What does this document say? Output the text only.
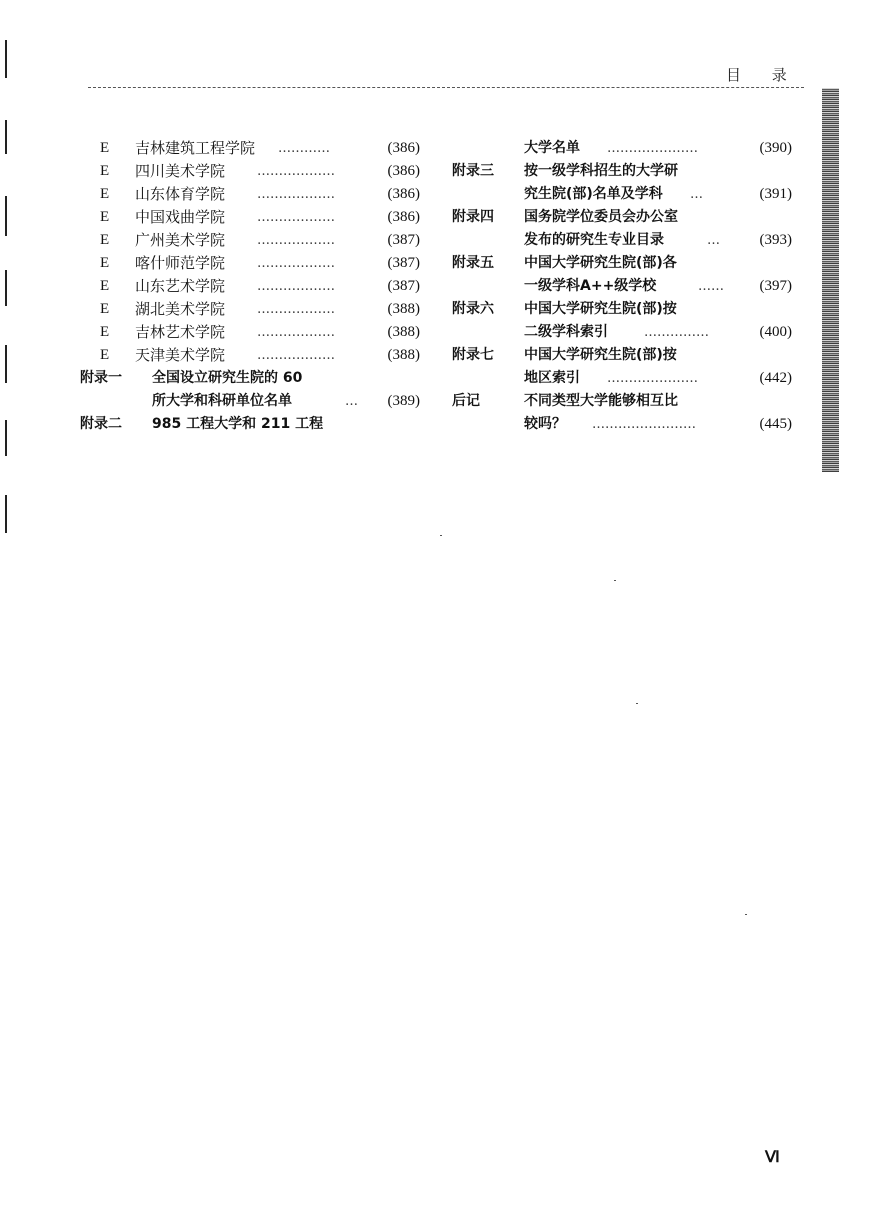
目 录
E	吉林建筑工程学院 …………	(386)
E	四川美术学院 ………………	(386)
E	山东体育学院 ………………	(386)
E	中国戏曲学院 ………………	(386)
E	广州美术学院 ………………	(387)
E	喀什师范学院 ………………	(387)
E	山东艺术学院 ………………	(387)
E	湖北美术学院 ………………	(388)
E	吉林艺术学院 ………………	(388)
E	天津美术学院 ………………	(388)
附录一 全国设立研究生院的 60
所大学和科研单位名单	… (389)
附录二 985 工程大学和 211 工程
大学名单 …………………	(390)
附录三 按一级学科招生的大学研
究生院(部)名单及学科 …	(391)
附录四 国务院学位委员会办公室
发布的研究生专业目录	…	(393)
附录五 中国大学研究生院(部)各
一级学科A++级学校	…… (397)
附录六 中国大学研究生院(部)按
二级学科索引	……………	(400)
附录七 中国大学研究生院(部)按
地区索引 …………………	(442)
后记	不同类型大学能够相互比
较吗？ ……………………	(445)
Ⅵ
